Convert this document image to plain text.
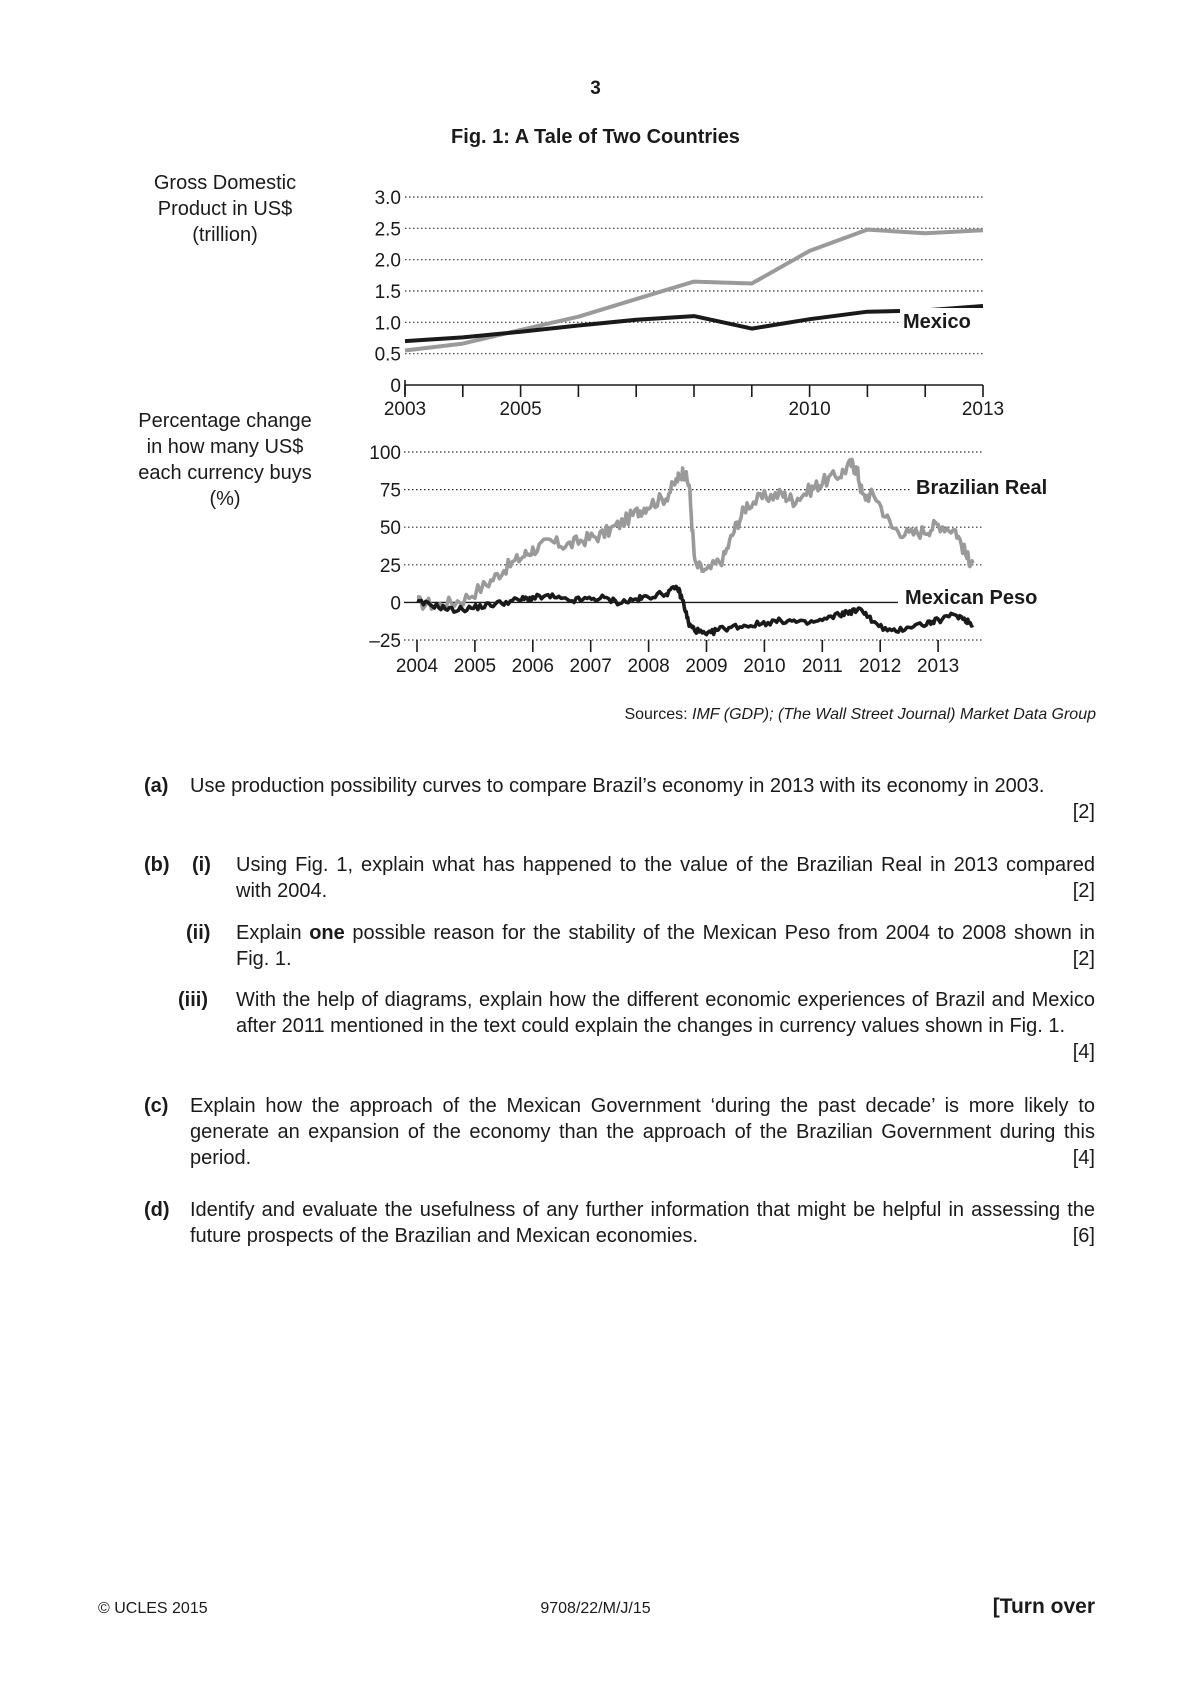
3
Fig. 1: A Tale of Two Countries
Gross Domestic
Product in US$
(trillion)
Percentage change
in how many US$
each currency buys
(%)
0
0.5
1.0
1.5
2.0
2.5
3.0
2003	2005	2010	2013
Mexico
–25
0
25
50
75
100
2004 2005 2006 2007 2008 2009 2010 2011 2012 2013
Brazilian Real
Mexican Peso
Sources: IMF (GDP); (The Wall Street Journal) Market Data Group
(a) Use production possibility curves to compare Brazil’s economy in 2013 with its economy in 2003.
[2]
(b) (i) Using Fig. 1, explain what has happened to the value of the Brazilian Real in 2013 compared with 2004.	[2]
(ii) Explain one possible reason for the stability of the Mexican Peso from 2004 to 2008 shown in Fig. 1.	[2]
(iii) With the help of diagrams, explain how the different economic experiences of Brazil and Mexico after 2011 mentioned in the text could explain the changes in currency values shown in Fig. 1.
[4]
(c) Explain how the approach of the Mexican Government ‘during the past decade’ is more likely to generate an expansion of the economy than the approach of the Brazilian Government during this period.	[4]
(d) Identify and evaluate the usefulness of any further information that might be helpful in assessing the future prospects of the Brazilian and Mexican economies.	[6]
© UCLES 2015	9708/22/M/J/15	[Turn over
